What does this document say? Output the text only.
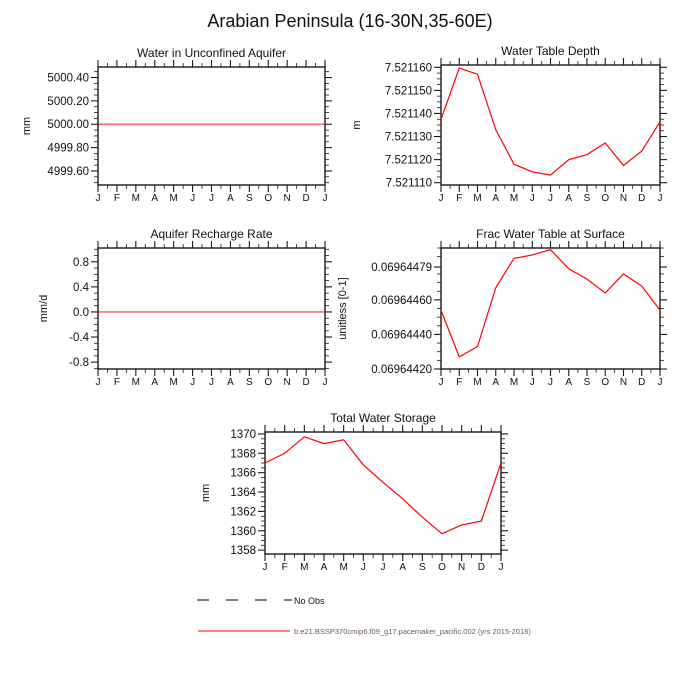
Arabian Peninsula (16-30N,35-60E)
J F M A M J J A S O N D J
5000.40
5000.20
5000.00
4999.80
4999.60
Water in Unconfined Aquifer
mm
J F M A M J J A S O N D J
7.521160
7.521150
7.521140
7.521130
7.521120
7.521110
Water Table Depth
m
J F M A M J J A S O N D J
0.8
0.4
0.0
-0.4
-0.8
Aquifer Recharge Rate
mm/d
J F M A M J J A S O N D J
0.06964479
0.06964460
0.06964440
0.06964420
Frac Water Table at Surface
unitless [0-1]
J F M A M J J A S O N D J
1370
1368
1366
1364
1362
1360
1358
Total Water Storage
mm
No Obs
b.e21.BSSP370cmip6.f09_g17.pacemaker_pacific.002 (yrs 2015-2018)
